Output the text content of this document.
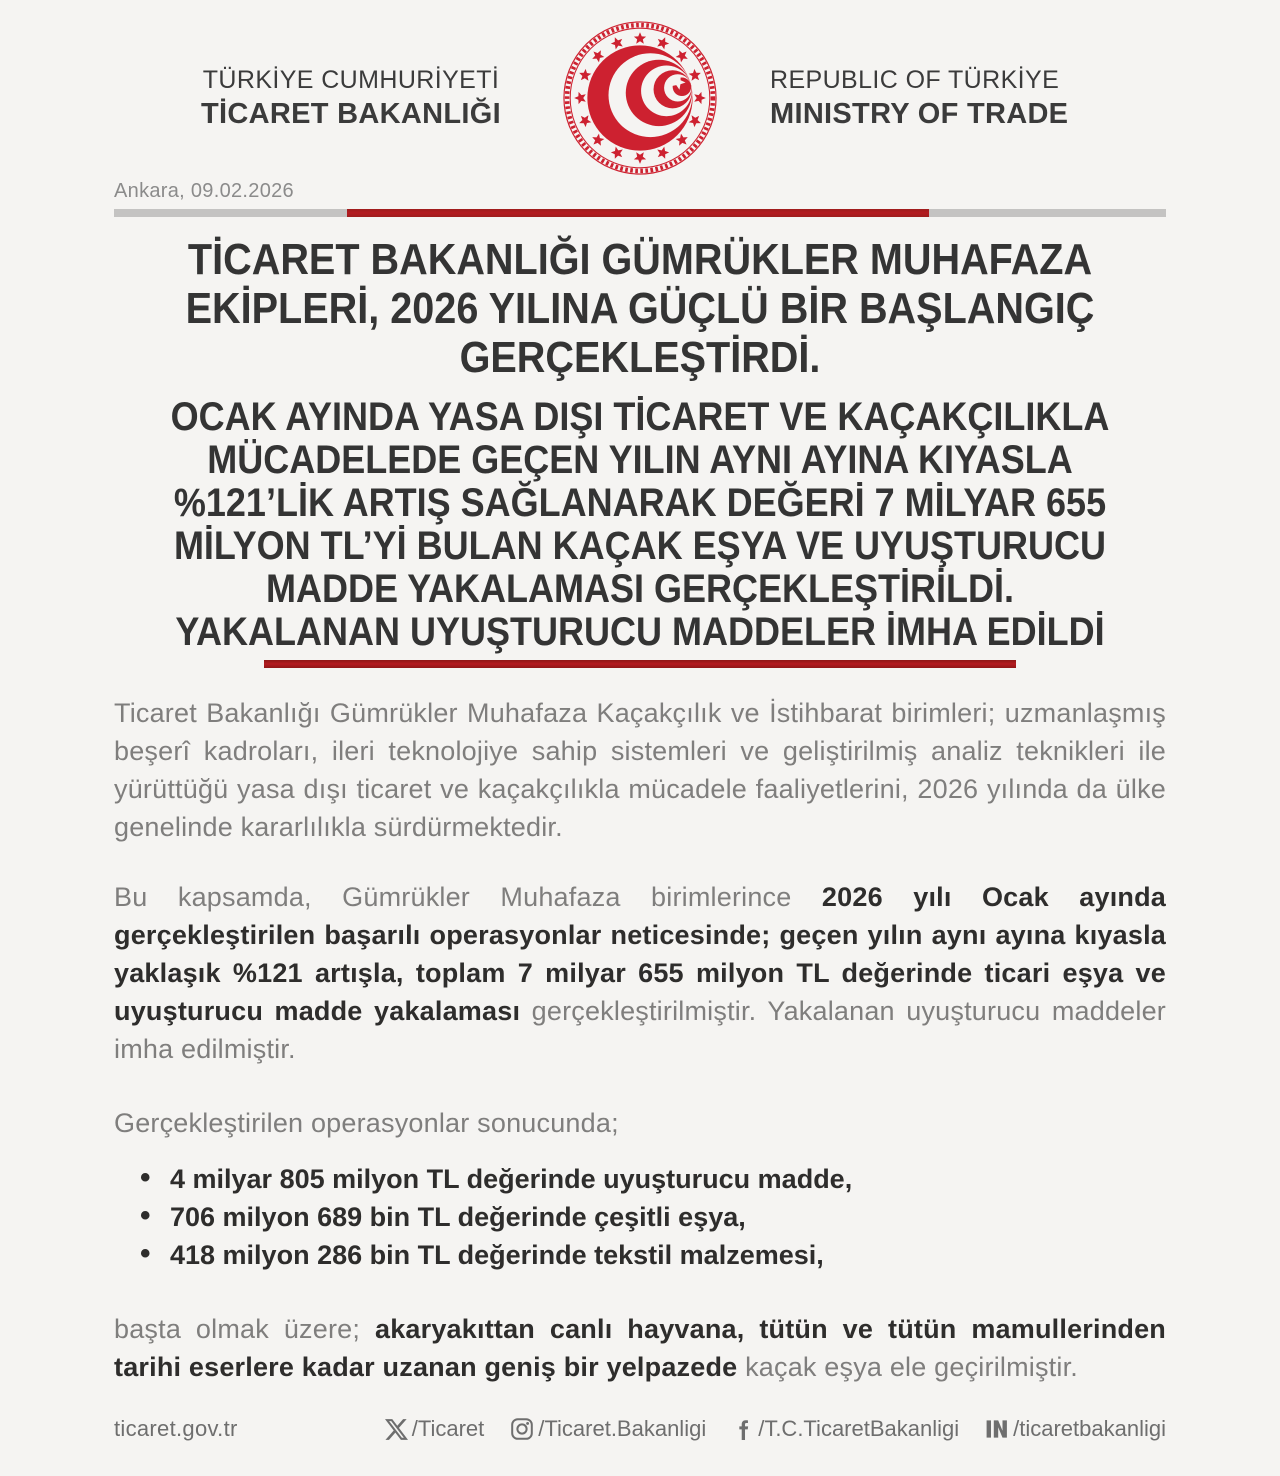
TÜRKİYE CUMHURİYETİ
TİCARET BAKANLIĞI
REPUBLIC OF TÜRKİYE
MINISTRY OF TRADE
Ankara, 09.02.2026
TİCARET BAKANLIĞI GÜMRÜKLER MUHAFAZA
EKİPLERİ, 2026 YILINA GÜÇLÜ BİR BAŞLANGIÇ
GERÇEKLEŞTİRDİ.
OCAK AYINDA YASA DIŞI TİCARET VE KAÇAKÇILIKLA
MÜCADELEDE GEÇEN YILIN AYNI AYINA KIYASLA
%121’LİK ARTIŞ SAĞLANARAK DEĞERİ 7 MİLYAR 655
MİLYON TL’Yİ BULAN KAÇAK EŞYA VE UYUŞTURUCU
MADDE YAKALAMASI GERÇEKLEŞTİRİLDİ.
YAKALANAN UYUŞTURUCU MADDELER İMHA EDİLDİ

Ticaret Bakanlığı Gümrükler Muhafaza Kaçakçılık ve İstihbarat birimleri; uzmanlaşmış beşerî kadroları, ileri teknolojiye sahip sistemleri ve geliştirilmiş analiz teknikleri ile yürüttüğü yasa dışı ticaret ve kaçakçılıkla mücadele faaliyetlerini, 2026 yılında da ülke genelinde kararlılıkla sürdürmektedir.

Bu kapsamda, Gümrükler Muhafaza birimlerince 2026 yılı Ocak ayında gerçekleştirilen başarılı operasyonlar neticesinde; geçen yılın aynı ayına kıyasla yaklaşık %121 artışla, toplam 7 milyar 655 milyon TL değerinde ticari eşya ve uyuşturucu madde yakalaması gerçekleştirilmiştir. Yakalanan uyuşturucu maddeler imha edilmiştir.

Gerçekleştirilen operasyonlar sonucunda;

• 4 milyar 805 milyon TL değerinde uyuşturucu madde,
• 706 milyon 689 bin TL değerinde çeşitli eşya,
• 418 milyon 286 bin TL değerinde tekstil malzemesi,

başta olmak üzere; akaryakıttan canlı hayvana, tütün ve tütün mamullerinden tarihi eserlere kadar uzanan geniş bir yelpazede kaçak eşya ele geçirilmiştir.

ticaret.gov.tr	/Ticaret /Ticaret.Bakanligi /T.C.TicaretBakanligi /ticaretbakanligi
